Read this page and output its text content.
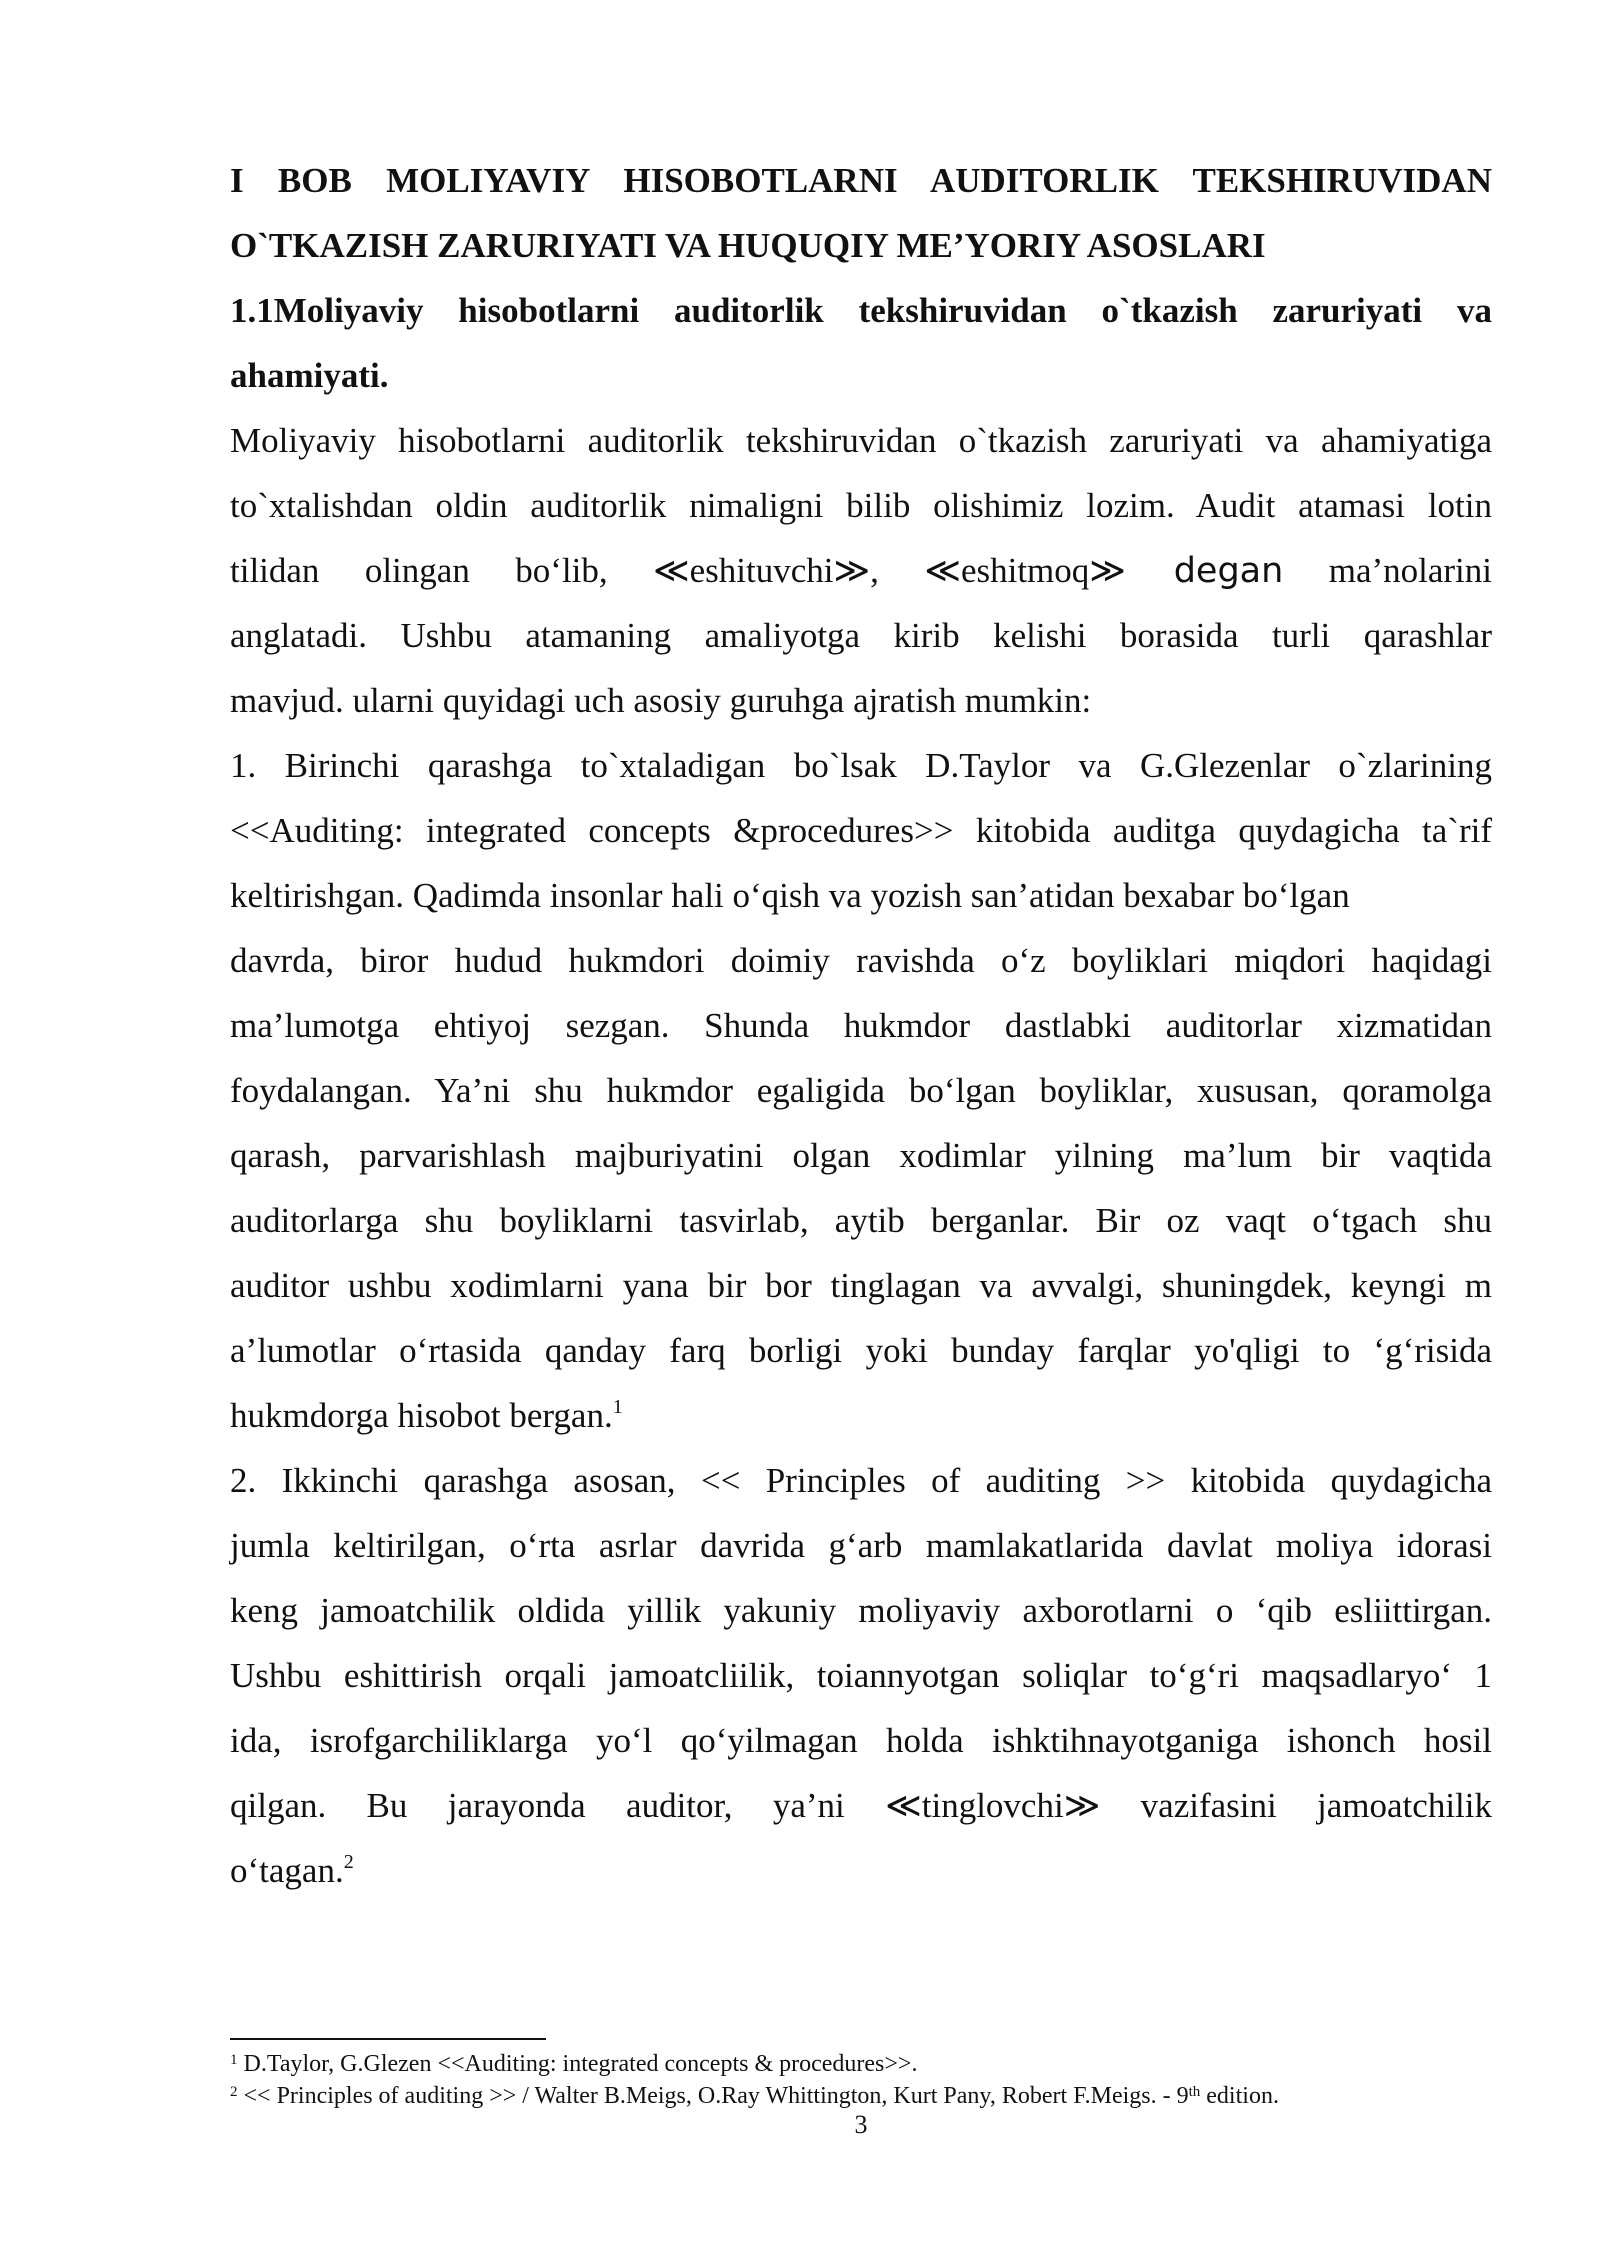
I BOB MOLIYAVIY HISOBOTLARNI AUDITORLIK TEKSHIRUVIDAN
O`TKAZISH ZARURIYATI VA HUQUQIY ME’YORIY ASOSLARI
1.1Moliyaviy hisobotlarni auditorlik tekshiruvidan o`tkazish zaruriyati va
ahamiyati.
Moliyaviy hisobotlarni auditorlik tekshiruvidan o`tkazish zaruriyati va ahamiyatiga
to`xtalishdan oldin auditorlik nimaligni bilib olishimiz lozim. Audit atamasi lotin
tilidan olingan bo‘lib, ≪eshituvchi≫, ≪eshitmoq≫ degan ma’nolarini
anglatadi. Ushbu atamaning amaliyotga kirib kelishi borasida turli qarashlar
mavjud. ularni quyidagi uch asosiy guruhga ajratish mumkin:
1. Birinchi qarashga to`xtaladigan bo`lsak D.Taylor va G.Glezenlar o`zlarining
<<Auditing: integrated concepts &procedures>> kitobida auditga quydagicha ta`rif
keltirishgan. Qadimda insonlar hali o‘qish va yozish san’atidan bexabar bo‘lgan
davrda, biror hudud hukmdori doimiy ravishda o‘z boyliklari miqdori haqidagi
ma’lumotga ehtiyoj sezgan. Shunda hukmdor dastlabki auditorlar xizmatidan
foydalangan. Ya’ni shu hukmdor egaligida bo‘lgan boyliklar, xususan, qoramolga
qarash, parvarishlash majburiyatini olgan xodimlar yilning ma’lum bir vaqtida
auditorlarga shu boyliklarni tasvirlab, aytib berganlar. Bir oz vaqt o‘tgach shu
auditor ushbu xodimlarni yana bir bor tinglagan va avvalgi, shuningdek, keyngi m
a’lumotlar o‘rtasida qanday farq borligi yoki bunday farqlar yo'qligi to ‘g‘risida
hukmdorga hisobot bergan.$^1$
2. Ikkinchi qarashga asosan, << Principles of auditing >> kitobida quydagicha
jumla keltirilgan, o‘rta asrlar davrida g‘arb mamlakatlarida davlat moliya idorasi
keng jamoatchilik oldida yillik yakuniy moliyaviy axborotlarni o ‘qib esliittirgan.
Ushbu eshittirish orqali jamoatcliilik, toiannyotgan soliqlar to‘g‘ri maqsadlaryo‘ 1
ida, isrofgarchiliklarga yo‘l qo‘yilmagan holda ishktihnayotganiga ishonch hosil
qilgan. Bu jarayonda auditor, ya’ni ≪tinglovchi≫ vazifasini jamoatchilik
o‘tagan.$^2$
$^1$ D.Taylor, G.Glezen <<Auditing: integrated concepts & procedures>>.
$^2$ << Principles of auditing >> / Walter B.Meigs, O.Ray Whittington, Kurt Pany, Robert F.Meigs. - 9th edition.
3
